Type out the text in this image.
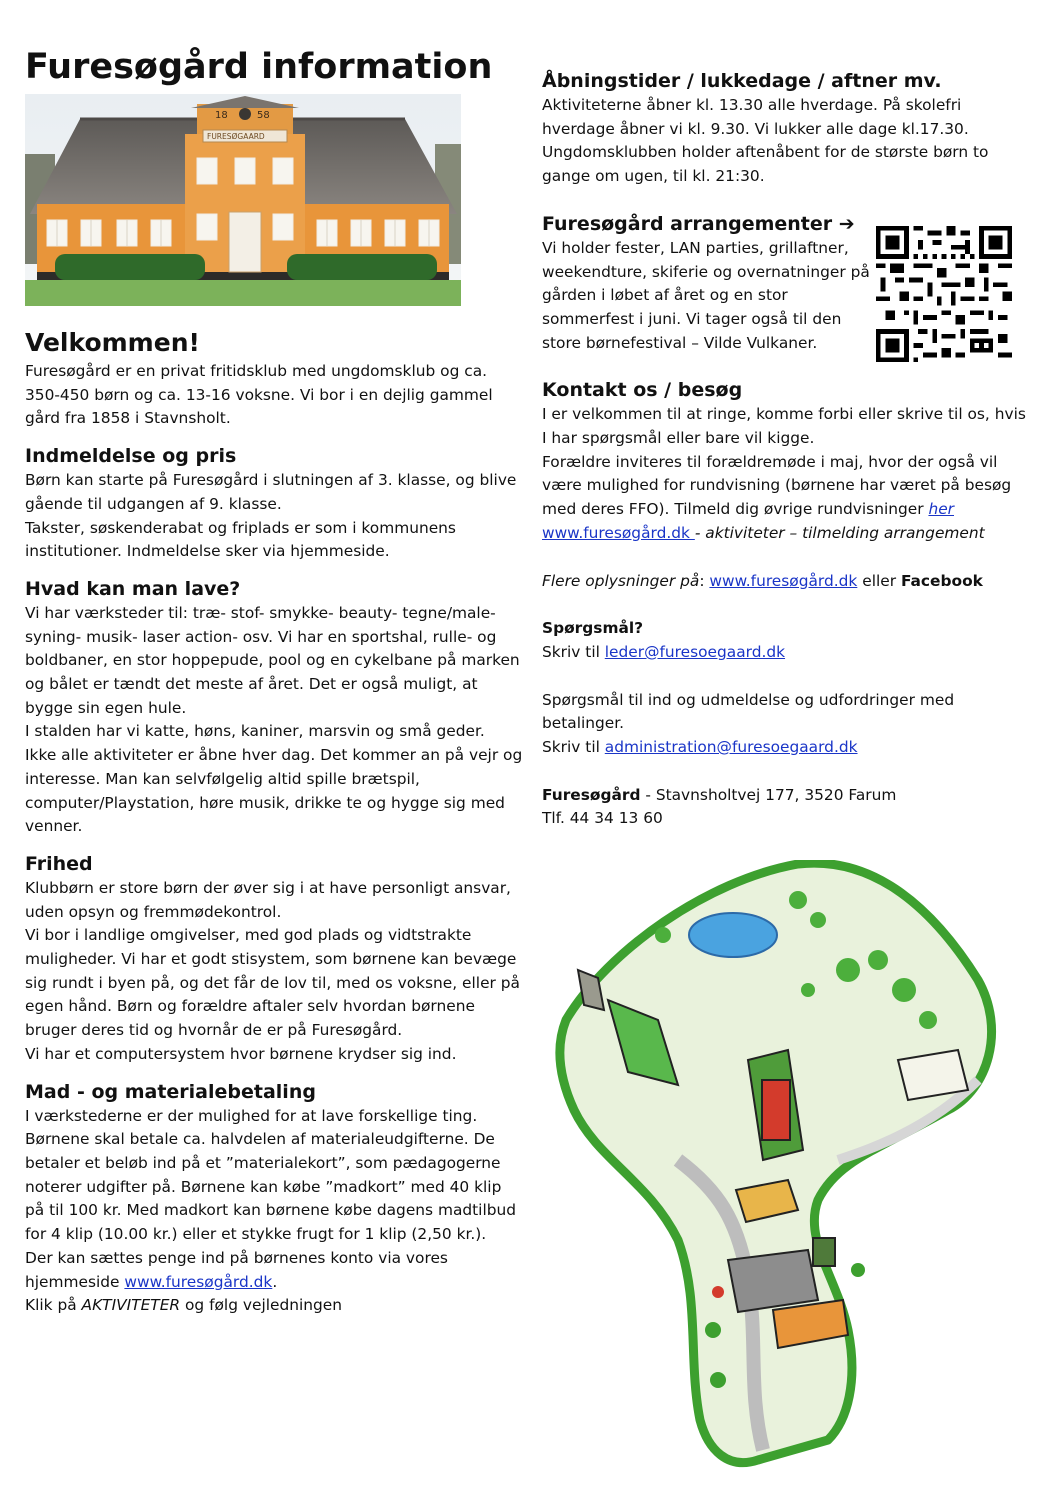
Furesøgård information
18	58
FURESØGAARD
Velkommen!

Furesøgård er en privat fritidsklub med ungdomsklub og ca. 350-450 børn og ca. 13-16 voksne. Vi bor i en dejlig gammel gård fra 1858 i Stavnsholt.

Indmeldelse og pris

Børn kan starte på Furesøgård i slutningen af 3. klasse, og blive gående til udgangen af 9. klasse.

Takster, søskenderabat og friplads er som i kommunens institutioner. Indmeldelse sker via hjemmeside.

Hvad kan man lave?

Vi har værksteder til: træ- stof- smykke- beauty- tegne/male-syning- musik- laser action- osv. Vi har en sportshal, rulle- og boldbaner, en stor hoppepude, pool og en cykelbane på marken og bålet er tændt det meste af året. Det er også muligt, at bygge sin egen hule.

I stalden har vi katte, høns, kaniner, marsvin og små geder.

Ikke alle aktiviteter er åbne hver dag. Det kommer an på vejr og interesse. Man kan selvfølgelig altid spille brætspil, computer/Playstation, høre musik, drikke te og hygge sig med venner.

Frihed

Klubbørn er store børn der øver sig i at have personligt ansvar, uden opsyn og fremmødekontrol.

Vi bor i landlige omgivelser, med god plads og vidtstrakte muligheder. Vi har et godt stisystem, som børnene kan bevæge sig rundt i byen på, og det får de lov til, med os voksne, eller på egen hånd. Børn og forældre aftaler selv hvordan børnene bruger deres tid og hvornår de er på Furesøgård.

Vi har et computersystem hvor børnene krydser sig ind.

Mad - og materialebetaling

I værkstederne er der mulighed for at lave forskellige ting. Børnene skal betale ca. halvdelen af materialeudgifterne. De betaler et beløb ind på et ”materialekort”, som pædagogerne noterer udgifter på. Børnene kan købe ”madkort” med 40 klip på til 100 kr. Med madkort kan børnene købe dagens madtilbud for 4 klip (10.00 kr.) eller et stykke frugt for 1 klip (2,50 kr.).

Der kan sættes penge ind på børnenes konto via vores hjemmeside www.furesøgård.dk.

Klik på AKTIVITETER og følg vejledningen

Åbningstider / lukkedage / aftner mv.

Aktiviteterne åbner kl. 13.30 alle hverdage. På skolefri hverdage åbner vi kl. 9.30. Vi lukker alle dage kl.17.30. Ungdomsklubben holder aftenåbent for de største børn to gange om ugen, til kl. 21:30.

Furesøgård arrangementer ➔

Vi holder fester, LAN parties, grillaftner, weekendture, skiferie og overnatninger på gården i løbet af året og en stor sommerfest i juni. Vi tager også til den store børnefestival – Vilde Vulkaner.

Kontakt os / besøg

I er velkommen til at ringe, komme forbi eller skrive til os, hvis I har spørgsmål eller bare vil kigge.

Forældre inviteres til forældremøde i maj, hvor der også vil være mulighed for rundvisning (børnene har været på besøg med deres FFO). Tilmeld dig øvrige rundvisninger her

www.furesøgård.dk - aktiviteter – tilmelding arrangement

Flere oplysninger på: www.furesøgård.dk eller Facebook

Spørgsmål?

Skriv til leder@furesoegaard.dk

Spørgsmål til ind og udmeldelse og udfordringer med betalinger.

Skriv til administration@furesoegaard.dk

Furesøgård - Stavnsholtvej 177, 3520 Farum

Tlf. 44 34 13 60
